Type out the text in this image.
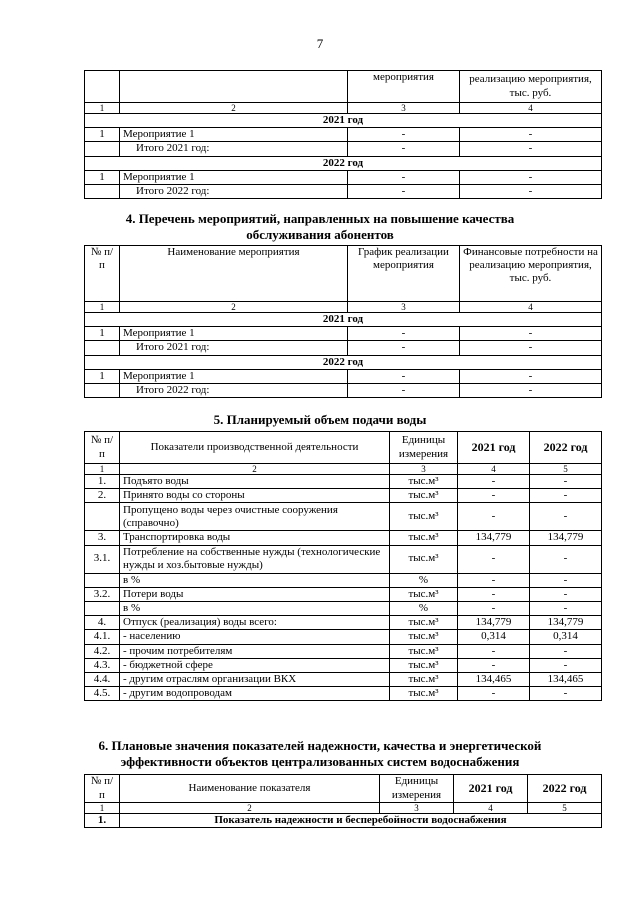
7
		мероприятия	реализацию мероприятия, тыс. руб.
1	2	3	4
2021 год			
1	Мероприятие 1	-	-
	Итого 2021 год:	-	-
2022 год			
1	Мероприятие 1	-	-
	Итого 2022 год:	-	-
4. Перечень мероприятий, направленных на повышение качества
обслуживания абонентов
№ п/п	Наименование мероприятия	График реализации мероприятия	Финансовые потребности на реализацию мероприятия, тыс. руб.
1	2	3	4
2021 год			
1	Мероприятие 1	-	-
	Итого 2021 год:	-	-
2022 год			
1	Мероприятие 1	-	-
	Итого 2022 год:	-	-
5. Планируемый объем подачи воды
№ п/п	Показатели производственной деятельности	Единицы измерения	2021 год	2022 год
1	2	3	4	5
1.	Подъято воды	тыс.м³	-	-
2.	Принято воды со стороны	тыс.м³	-	-
	Пропущено воды через очистные сооружения (справочно)	тыс.м³	-	-
3.	Транспортировка воды	тыс.м³	134,779	134,779
3.1.	Потребление на собственные нужды (технологические нужды и хоз.бытовые нужды)	тыс.м³	-	-
	в %	%	-	-
3.2.	Потери воды	тыс.м³	-	-
	в %	%	-	-
4.	Отпуск (реализация) воды всего:	тыс.м³	134,779	134,779
4.1.	- населению	тыс.м³	0,314	0,314
4.2.	- прочим потребителям	тыс.м³	-	-
4.3.	- бюджетной сфере	тыс.м³	-	-
4.4.	- другим отраслям организации ВКХ	тыс.м³	134,465	134,465
4.5.	- другим водопроводам	тыс.м³	-	-
6. Плановые значения показателей надежности, качества и энергетической
эффективности объектов централизованных систем водоснабжения
№ п/п	Наименование показателя	Единицы измерения	2021 год	2022 год
1	2	3	4	5
1.	Показатель надежности и бесперебойности водоснабжения			
